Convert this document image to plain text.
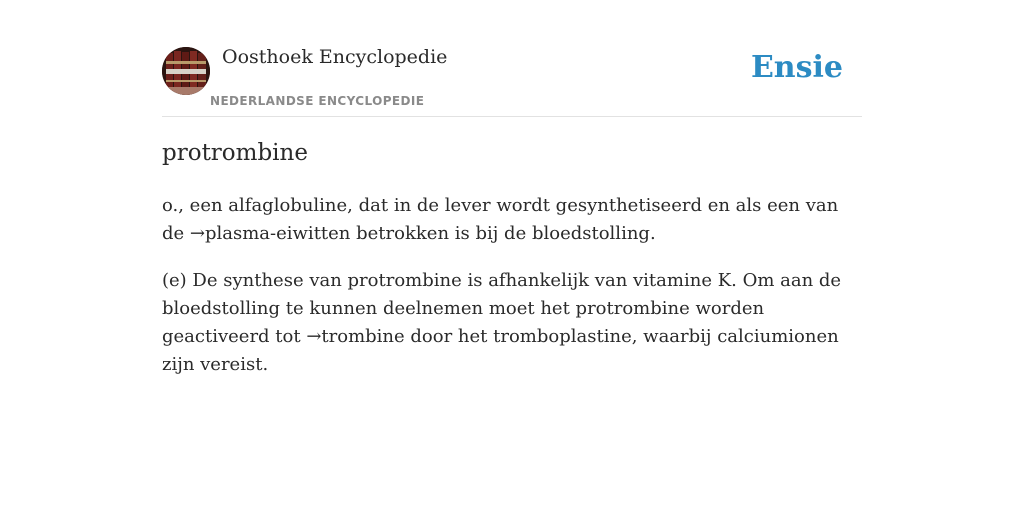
Oosthoek Encyclopedie
NEDERLANDSE ENCYCLOPEDIE
Ensie
protrombine

o., een alfaglobuline, dat in de lever wordt gesynthetiseerd en als een van de →plasma-eiwitten betrokken is bij de bloedstolling.

(e) De synthese van protrombine is afhankelijk van vitamine K. Om aan de bloedstolling te kunnen deelnemen moet het protrombine worden geactiveerd tot →trombine door het tromboplastine, waarbij calciumionen zijn vereist.
